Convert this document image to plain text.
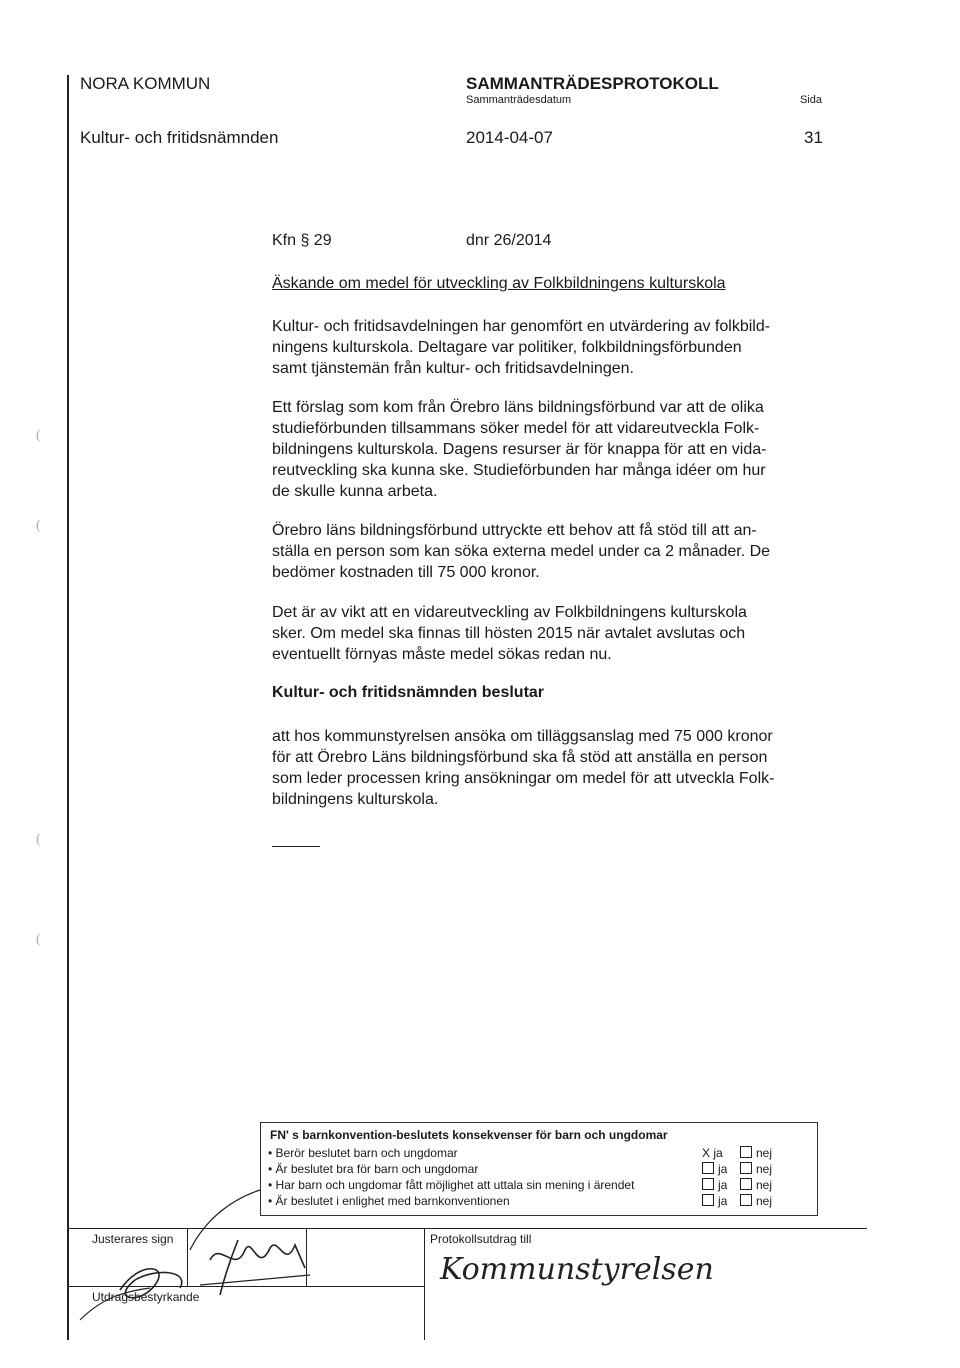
NORA KOMMUN	SAMMANTRÄDESPROTOKOLL
Sammanträdesdatum	Sida
Kultur- och fritidsnämnden	2014-04-07	31
Kfn § 29	dnr 26/2014
Äskande om medel för utveckling av Folkbildningens kulturskola
Kultur- och fritidsavdelningen har genomfört en utvärdering av folkbild-
ningens kulturskola. Deltagare var politiker, folkbildningsförbunden
samt tjänstemän från kultur- och fritidsavdelningen.
Ett förslag som kom från Örebro läns bildningsförbund var att de olika
studieförbunden tillsammans söker medel för att vidareutveckla Folk-
bildningens kulturskola. Dagens resurser är för knappa för att en vida-
reutveckling ska kunna ske. Studieförbunden har många idéer om hur
de skulle kunna arbeta.
Örebro läns bildningsförbund uttryckte ett behov att få stöd till att an-
ställa en person som kan söka externa medel under ca 2 månader. De
bedömer kostnaden till 75 000 kronor.
Det är av vikt att en vidareutveckling av Folkbildningens kulturskola
sker. Om medel ska finnas till hösten 2015 när avtalet avslutas och
eventuellt förnyas måste medel sökas redan nu.
Kultur- och fritidsnämnden beslutar
att hos kommunstyrelsen ansöka om tilläggsanslag med 75 000 kronor
för att Örebro Läns bildningsförbund ska få stöd att anställa en person
som leder processen kring ansökningar om medel för att utveckla Folk-
bildningens kulturskola.
(
(
(
(
FN' s barnkonvention-beslutets konsekvenser för barn och ungdomar
• Berör beslutet barn och ungdomar	X ja	nej
• Är beslutet bra för barn och ungdomar	ja	nej
• Har barn och ungdomar fått möjlighet att uttala sin mening i ärendet	ja	nej
• Är beslutet i enlighet med barnkonventionen	ja	nej
Justerares sign
Utdragsbestyrkande
Protokollsutdrag till
Kommunstyrelsen
